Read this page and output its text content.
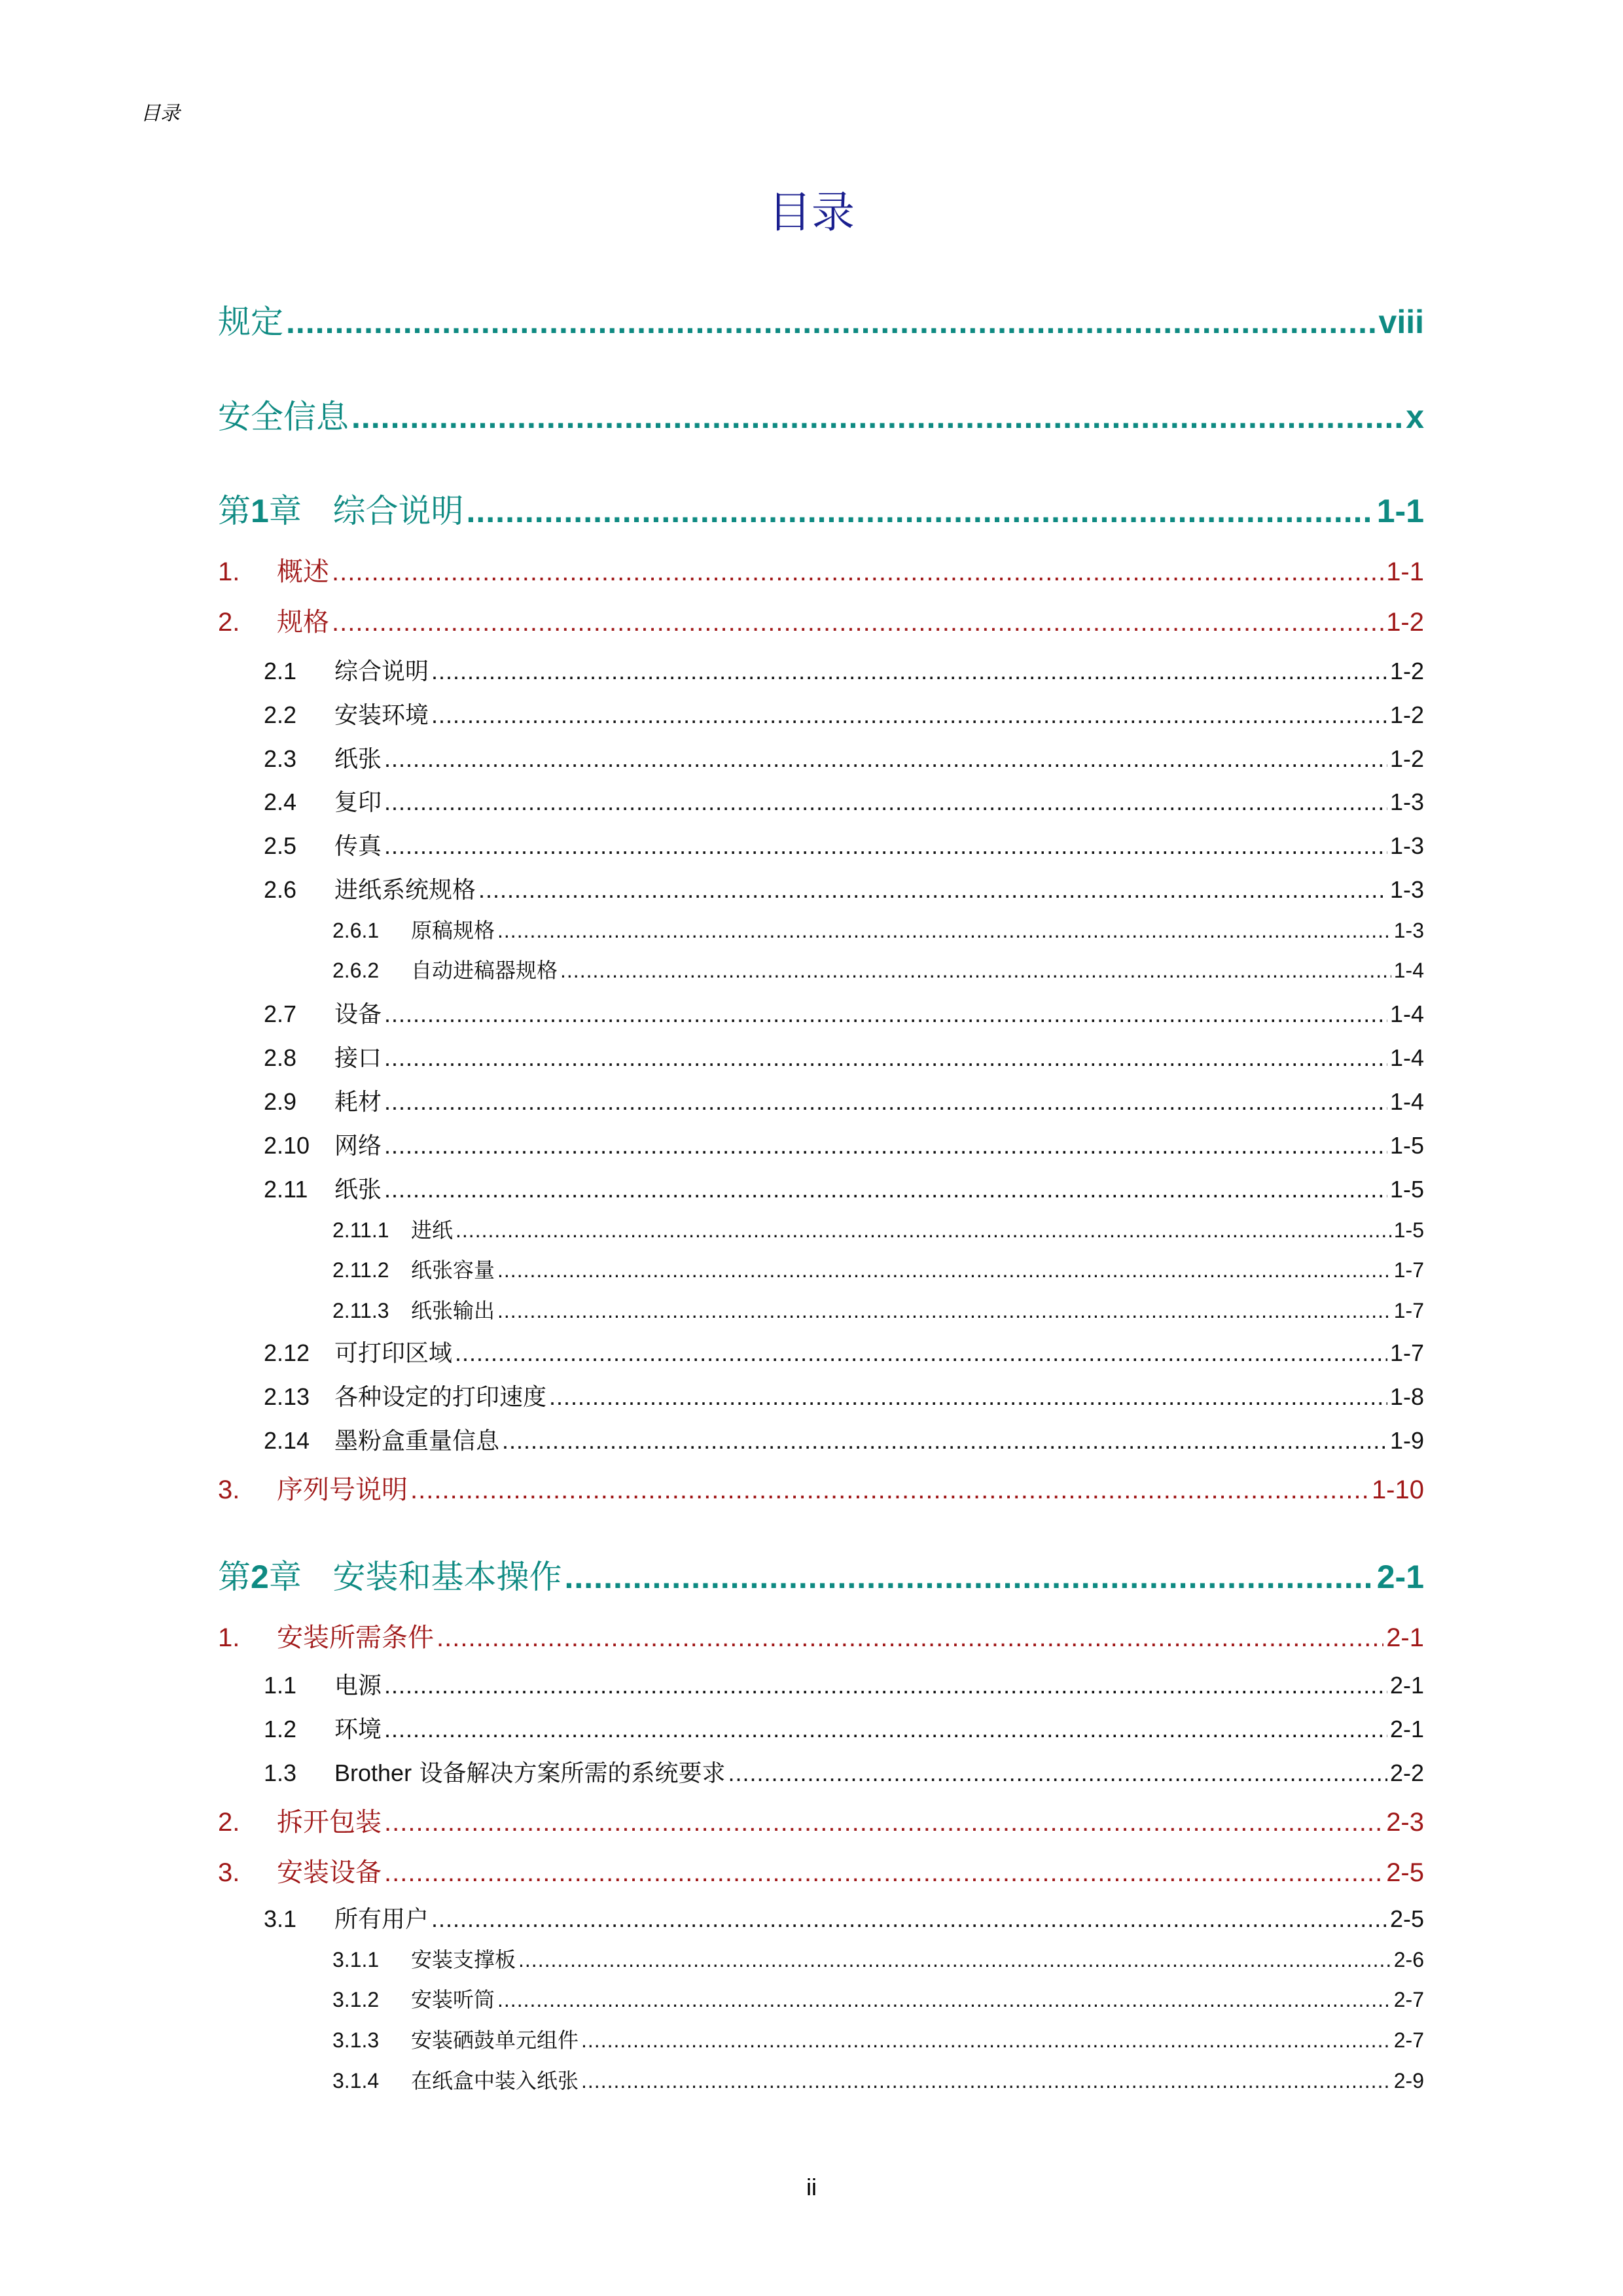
目录
目录
规定 .....	viii
安全信息 .....	x
第1章   综合说明 .....	1-1
1.	概述 .....	1-1
2.	规格 .....	1-2
2.1	综合说明 .....	1-2
2.2	安装环境 .....	1-2
2.3	纸张 .....	1-2
2.4	复印 .....	1-3
2.5	传真 .....	1-3
2.6	进纸系统规格 .....	1-3
2.6.1	原稿规格 .....	1-3
2.6.2	自动进稿器规格 .....	1-4
2.7	设备 .....	1-4
2.8	接口 .....	1-4
2.9	耗材 .....	1-4
2.10	网络 .....	1-5
2.11	纸张 .....	1-5
2.11.1	进纸 .....	1-5
2.11.2	纸张容量 .....	1-7
2.11.3	纸张输出 .....	1-7
2.12	可打印区域 .....	1-7
2.13	各种设定的打印速度 .....	1-8
2.14	墨粉盒重量信息 .....	1-9
3.	序列号说明 .....	1-10
第2章   安装和基本操作 .....	2-1
1.	安装所需条件 .....	2-1
1.1	电源 .....	2-1
1.2	环境 .....	2-1
1.3	Brother 设备解决方案所需的系统要求 .....	2-2
2.	拆开包装 .....	2-3
3.	安装设备 .....	2-5
3.1	所有用户 .....	2-5
3.1.1	安装支撑板 .....	2-6
3.1.2	安装听筒 .....	2-7
3.1.3	安装硒鼓单元组件 .....	2-7
3.1.4	在纸盒中装入纸张 .....	2-9
ii
